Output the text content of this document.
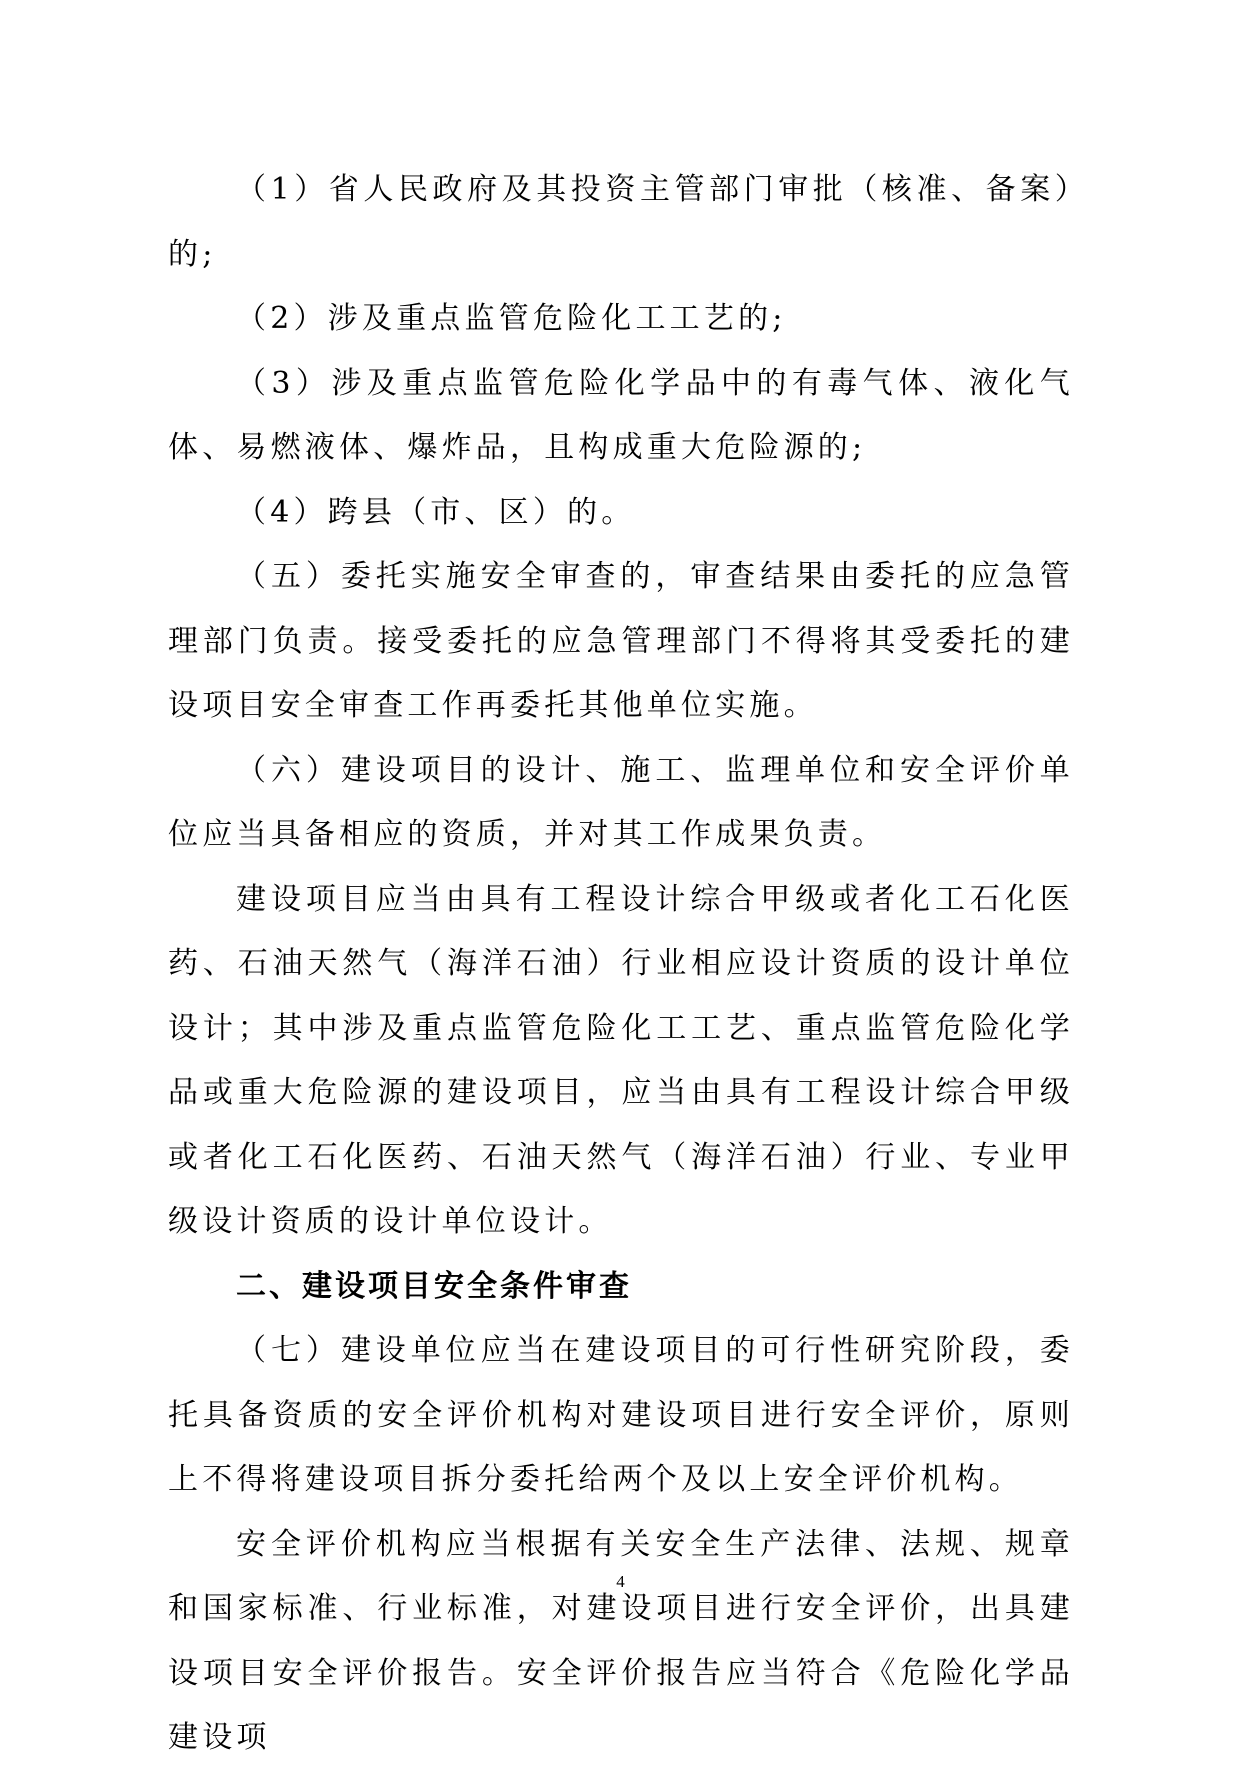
（1）省人民政府及其投资主管部门审批（核准、备案）的;

（2）涉及重点监管危险化工工艺的;

（3）涉及重点监管危险化学品中的有毒气体、液化气体、易燃液体、爆炸品，且构成重大危险源的;

（4）跨县（市、区）的。

（五）委托实施安全审查的，审查结果由委托的应急管理部门负责。接受委托的应急管理部门不得将其受委托的建设项目安全审查工作再委托其他单位实施。

（六）建设项目的设计、施工、监理单位和安全评价单位应当具备相应的资质，并对其工作成果负责。

建设项目应当由具有工程设计综合甲级或者化工石化医药、石油天然气（海洋石油）行业相应设计资质的设计单位设计；其中涉及重点监管危险化工工艺、重点监管危险化学品或重大危险源的建设项目，应当由具有工程设计综合甲级或者化工石化医药、石油天然气（海洋石油）行业、专业甲级设计资质的设计单位设计。

二、建设项目安全条件审查

（七）建设单位应当在建设项目的可行性研究阶段，委托具备资质的安全评价机构对建设项目进行安全评价，原则上不得将建设项目拆分委托给两个及以上安全评价机构。

安全评价机构应当根据有关安全生产法律、法规、规章和国家标准、行业标准，对建设项目进行安全评价，出具建设项目安全评价报告。安全评价报告应当符合《危险化学品建设项

4
